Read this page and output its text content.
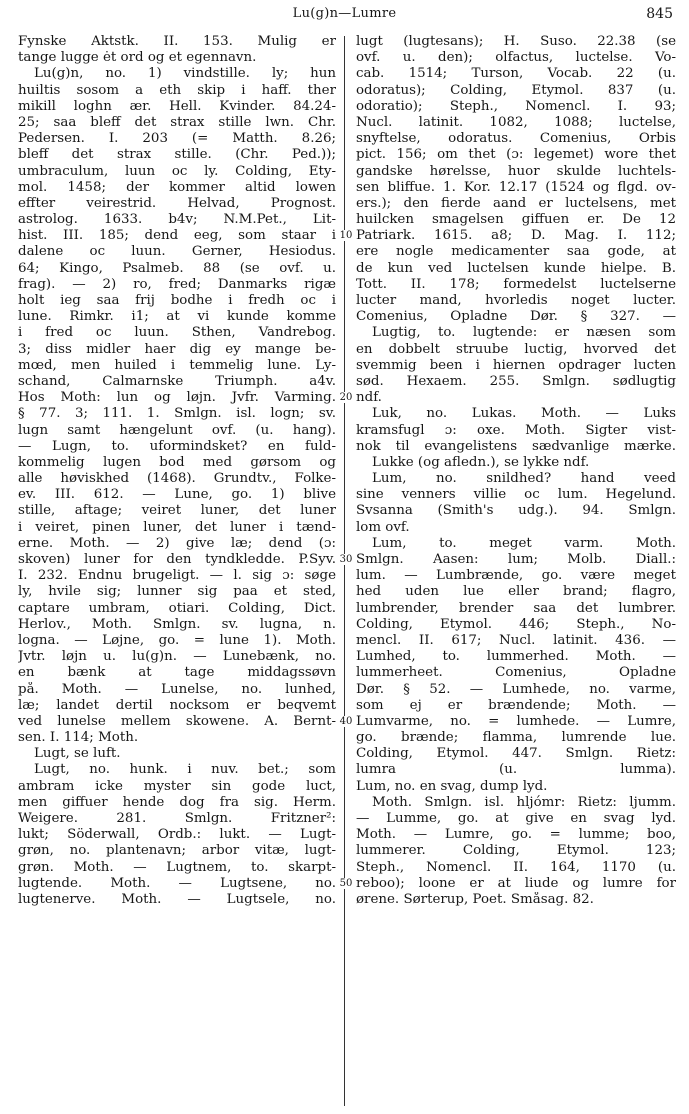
Lu(g)n—Lumre	845
10
20
30
40
50
Fynske Aktstk. II. 153. Mulig er
tange lugge ėt ord og et egennavn.
Lu(g)n, no. 1) vindstille. ly; hun
huiltis sosom a eth skip i haff. ther
mikill loghn ær. Hell. Kvinder. 84.24-
25; saa bleff det strax stille lwn. Chr.
Pedersen. I. 203 (= Matth. 8.26;
bleff det strax stille. (Chr. Ped.));
umbraculum, luun oc ly. Colding, Ety-
mol. 1458; der kommer altid lowen
effter veirestrid. Helvad, Prognost.
astrolog. 1633. b4v; N.M.Pet., Lit-
hist. III. 185; dend eeg, som staar i
dalene oc luun. Gerner, Hesiodus.
64; Kingo, Psalmeb. 88 (se ovf. u.
frag). — 2) ro, fred; Danmarks rigæ
holt ieg saa frij bodhe i fredh oc i
lune. Rimkr. i1; at vi kunde komme
i fred oc luun. Sthen, Vandrebog.
3; diss midler haer dig ey mange be-
mœd, men huiled i temmelig lune. Ly-
schand, Calmarnske Triumph. a4v.
Hos Moth: lun og løjn. Jvfr. Varming.
§ 77. 3; 111. 1. Smlgn. isl. logn; sv.
lugn samt hængelunt ovf. (u. hang).
— Lugn, to. uformindsket? en fuld-
kommelig lugen bod med gørsom og
alle høviskhed (1468). Grundtv., Folke-
ev. III. 612. — Lune, go. 1) blive
stille, aftage; veiret luner, det luner
i veiret, pinen luner, det luner i tænd-
erne. Moth. — 2) give læ; dend (ɔ:
skoven) luner for den tyndkledde. P.Syv.
I. 232. Endnu brugeligt. — l. sig ɔ: søge
ly, hvile sig; lunner sig paa et sted,
captare umbram, otiari. Colding, Dict.
Herlov., Moth. Smlgn. sv. lugna, n.
logna. — Løjne, go. = lune 1). Moth.
Jvtr. løjn u. lu(g)n. — Lunebænk, no.
en bænk at tage middagssøvn
på. Moth. — Lunelse, no. lunhed,
læ; landet dertil nocksom er beqvemt
ved lunelse mellem skowene. A. Bernt-
sen. I. 114; Moth.
Lugt, se luft.
Lugt, no. hunk. i nuv. bet.; som
ambram icke myster sin gode luct,
men giffuer hende dog fra sig. Herm.
Weigere. 281. Smlgn. Fritzner²:
lukt; Söderwall, Ordb.: lukt. — Lugt-
grøn, no. plantenavn; arbor vitæ, lugt-
grøn. Moth. — Lugtnem, to. skarpt-
lugtende. Moth. — Lugtsene, no.
lugtenerve. Moth. — Lugtsele, no.
lugt (lugtesans); H. Suso. 22.38 (se
ovf. u. den); olfactus, luctelse. Vo-
cab. 1514; Turson, Vocab. 22 (u.
odoratus); Colding, Etymol. 837 (u.
odoratio); Steph., Nomencl. I. 93;
Nucl. latinit. 1082, 1088; luctelse,
snyftelse, odoratus. Comenius, Orbis
pict. 156; om thet (ɔ: legemet) wore thet
gandske hørelsse, huor skulde luchtels-
sen bliffue. 1. Kor. 12.17 (1524 og flgd. ov-
ers.); den fierde aand er luctelsens, met
huilcken smagelsen giffuen er. De 12
Patriark. 1615. a8; D. Mag. I. 112;
ere nogle medicamenter saa gode, at
de kun ved luctelsen kunde hielpe. B.
Tott. II. 178; formedelst luctelserne
lucter mand, hvorledis noget lucter.
Comenius, Opladne Dør. § 327. —
Lugtig, to. lugtende: er næsen som
en dobbelt struube luctig, hvorved det
svemmig been i hiernen opdrager lucten
sød. Hexaem. 255. Smlgn. sødlugtig
ndf.
Luk, no. Lukas. Moth. — Luks
kramsfugl ɔ: oxe. Moth. Sigter vist-
nok til evangelistens sædvanlige mærke.
Lukke (og afledn.), se lykke ndf.
Lum, no. snildhed? hand veed
sine venners villie oc lum. Hegelund.
Svsanna (Smith's udg.). 94. Smlgn.
lom ovf.
Lum, to. meget varm. Moth.
Smlgn. Aasen: lum; Molb. Diall.:
lum. — Lumbrænde, go. være meget
hed uden lue eller brand; flagro,
lumbrender, brender saa det lumbrer.
Colding, Etymol. 446; Steph., No-
mencl. II. 617; Nucl. latinit. 436. —
Lumhed, to. lummerhed. Moth. —
lummerheet. Comenius, Opladne
Dør. § 52. — Lumhede, no. varme,
som ej er brændende; Moth. —
Lumvarme, no. = lumhede. — Lumre,
go. brænde; flamma, lumrende lue.
Colding, Etymol. 447. Smlgn. Rietz:
lumra (u. lumma).
Lum, no. en svag, dump lyd.
Moth. Smlgn. isl. hljómr: Rietz: ljumm.
— Lumme, go. at give en svag lyd.
Moth. — Lumre, go. = lumme; boo,
lummerer. Colding, Etymol. 123;
Steph., Nomencl. II. 164, 1170 (u.
reboo); loone er at liude og lumre for
ørene. Sørterup, Poet. Småsag. 82.
